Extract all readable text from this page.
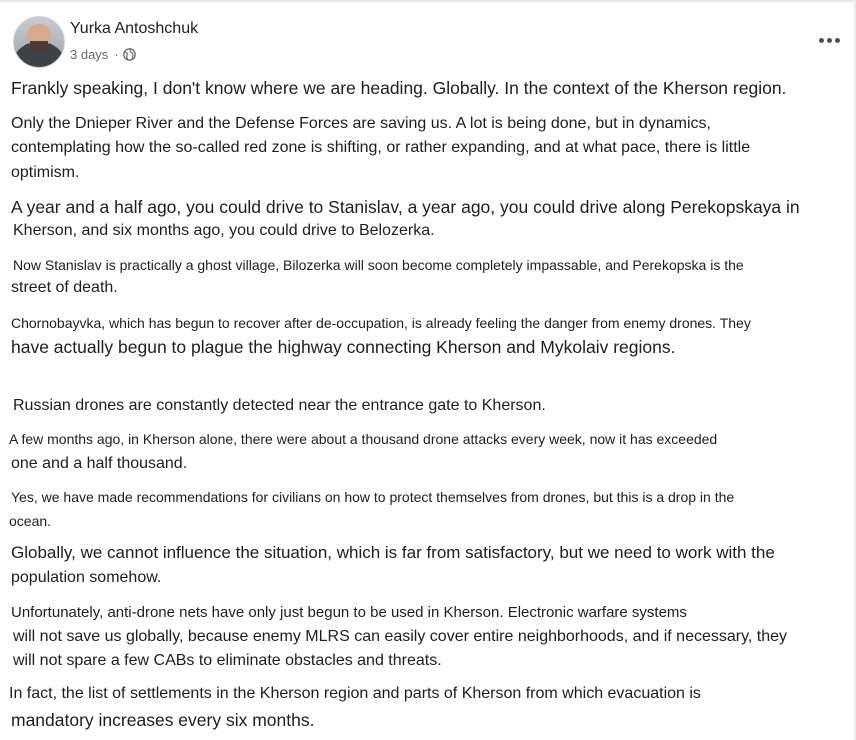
Yurka Antoshchuk
3 days ·

Frankly speaking, I don't know where we are heading. Globally. In the context of the Kherson region.

Only the Dnieper River and the Defense Forces are saving us. A lot is being done, but in dynamics,

contemplating how the so-called red zone is shifting, or rather expanding, and at what pace, there is little

optimism.

A year and a half ago, you could drive to Stanislav, a year ago, you could drive along Perekopskaya in

Kherson, and six months ago, you could drive to Belozerka.

Now Stanislav is practically a ghost village, Bilozerka will soon become completely impassable, and Perekopska is the

street of death.

Chornobayvka, which has begun to recover after de-occupation, is already feeling the danger from enemy drones. They

have actually begun to plague the highway connecting Kherson and Mykolaiv regions.

Russian drones are constantly detected near the entrance gate to Kherson.

A few months ago, in Kherson alone, there were about a thousand drone attacks every week, now it has exceeded

one and a half thousand.

Yes, we have made recommendations for civilians on how to protect themselves from drones, but this is a drop in the

ocean.

Globally, we cannot influence the situation, which is far from satisfactory, but we need to work with the

population somehow.

Unfortunately, anti-drone nets have only just begun to be used in Kherson. Electronic warfare systems

will not save us globally, because enemy MLRS can easily cover entire neighborhoods, and if necessary, they

will not spare a few CABs to eliminate obstacles and threats.

In fact, the list of settlements in the Kherson region and parts of Kherson from which evacuation is

mandatory increases every six months.
